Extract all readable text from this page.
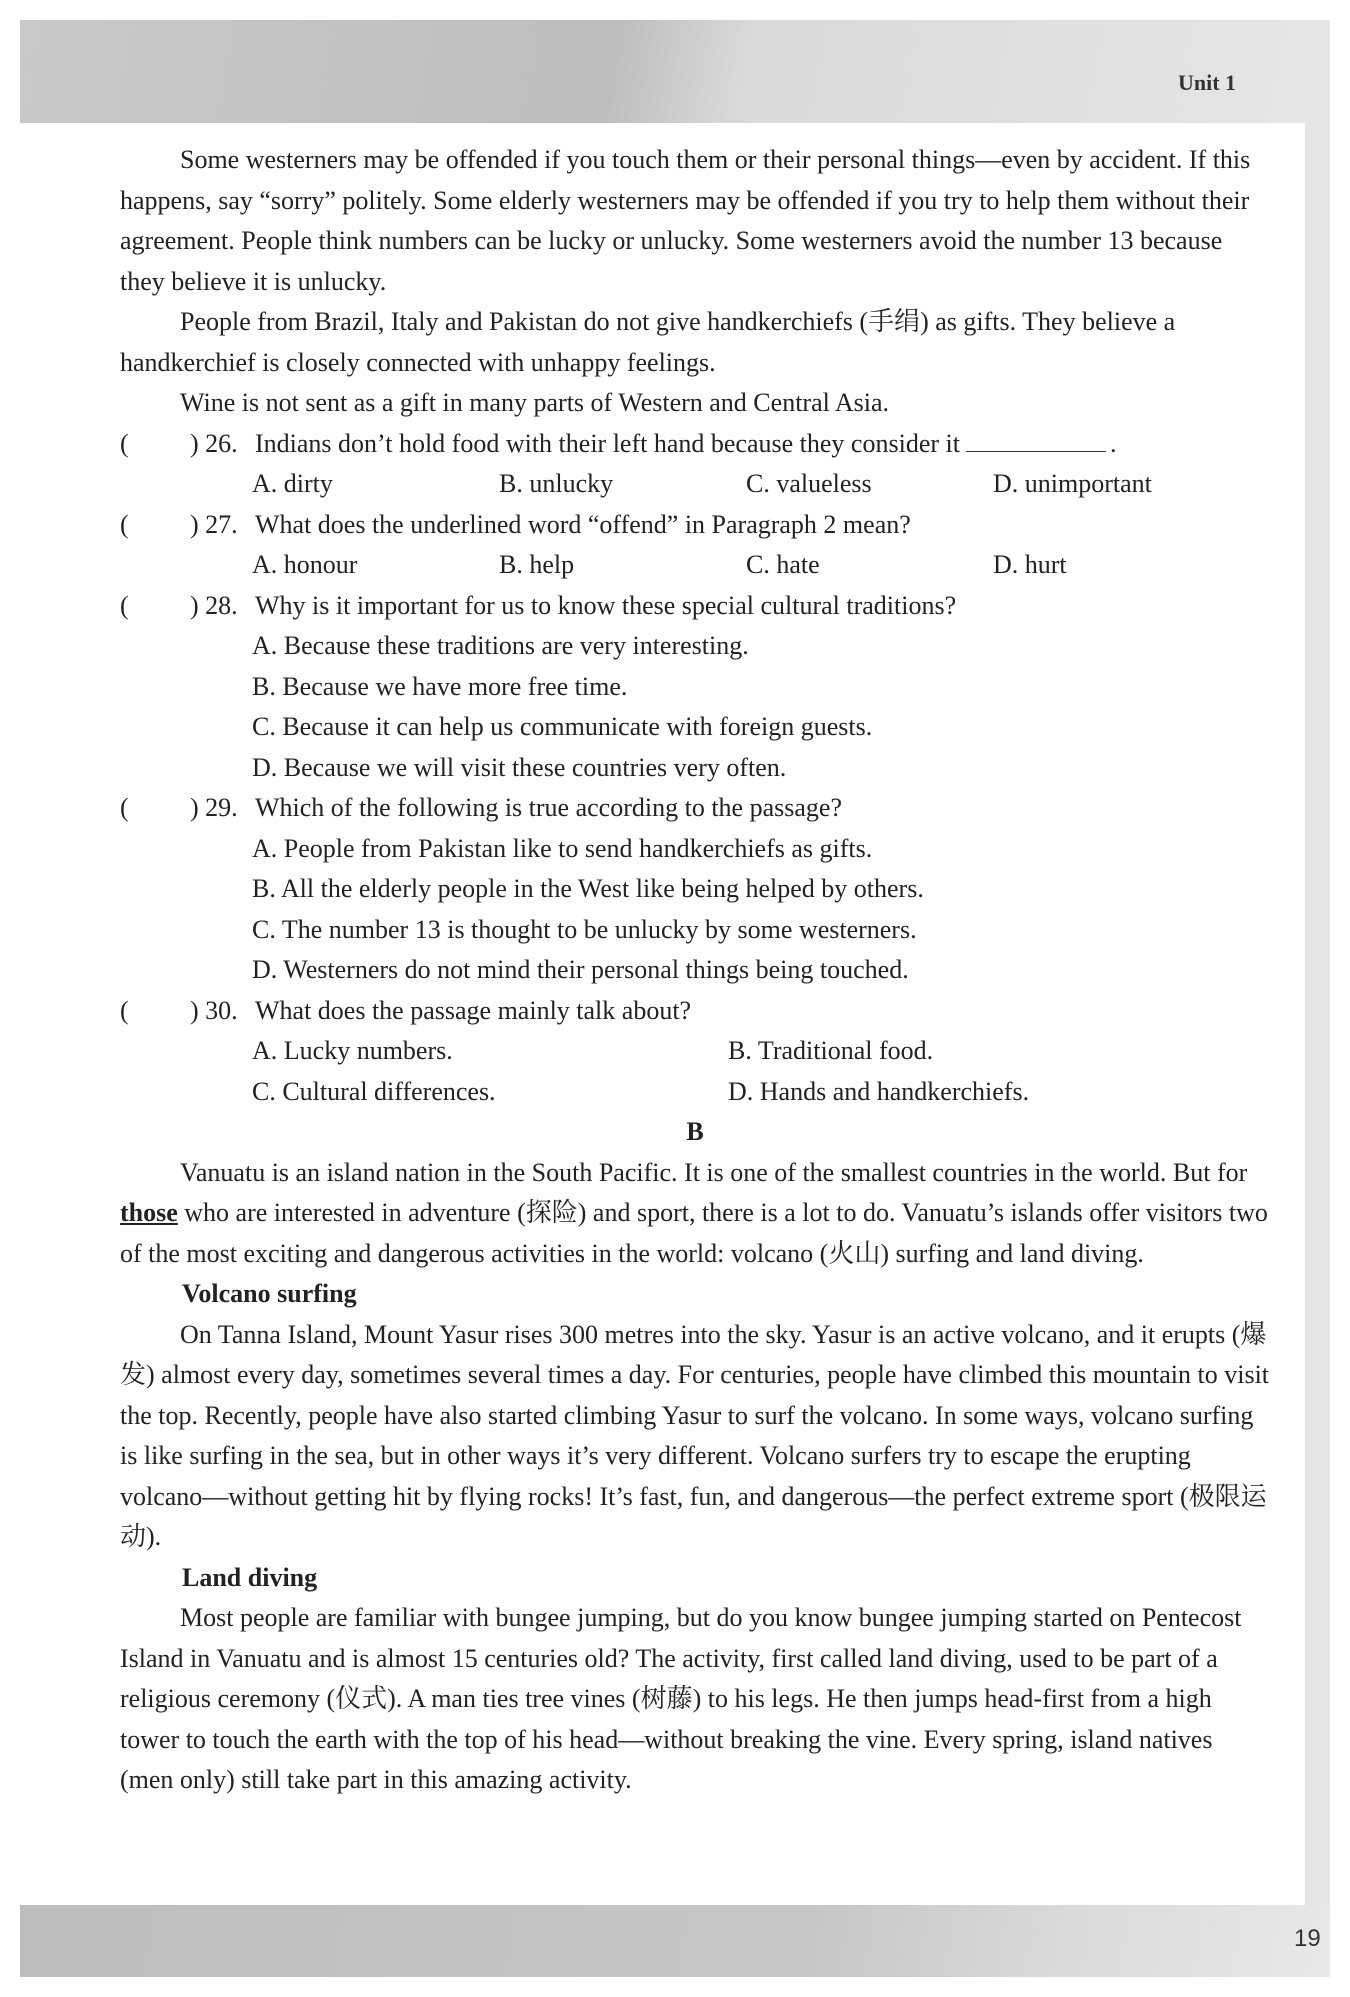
Unit 1
19

Some westerners may be offended if you touch them or their personal things—even by accident. If this happens, say “sorry” politely. Some elderly westerners may be offended if you try to help them without their agreement. People think numbers can be lucky or unlucky. Some westerners avoid the number 13 because they believe it is unlucky.

People from Brazil, Italy and Pakistan do not give handkerchiefs (手绢) as gifts. They believe a handkerchief is closely connected with unhappy feelings.

Wine is not sent as a gift in many parts of Western and Central Asia.

(	) 26. Indians don’t hold food with their left hand because they consider it	.
A. dirty	B. unlucky	C. valueless	D. unimportant
(	) 27. What does the underlined word “offend” in Paragraph 2 mean?
A. honour	B. help	C. hate	D. hurt
(	) 28. Why is it important for us to know these special cultural traditions?
A. Because these traditions are very interesting.
B. Because we have more free time.
C. Because it can help us communicate with foreign guests.
D. Because we will visit these countries very often.
(	) 29. Which of the following is true according to the passage?
A. People from Pakistan like to send handkerchiefs as gifts.
B. All the elderly people in the West like being helped by others.
C. The number 13 is thought to be unlucky by some westerners.
D. Westerners do not mind their personal things being touched.
(	) 30. What does the passage mainly talk about?
A. Lucky numbers.	B. Traditional food.
C. Cultural differences.	D. Hands and handkerchiefs.
B

Vanuatu is an island nation in the South Pacific. It is one of the smallest countries in the world. But for those who are interested in adventure (探险) and sport, there is a lot to do. Vanuatu’s islands offer visitors two of the most exciting and dangerous activities in the world: volcano (火山) surfing and land diving.

Volcano surfing

On Tanna Island, Mount Yasur rises 300 metres into the sky. Yasur is an active volcano, and it erupts (爆发) almost every day, sometimes several times a day. For centuries, people have climbed this mountain to visit the top. Recently, people have also started climbing Yasur to surf the volcano. In some ways, volcano surfing is like surfing in the sea, but in other ways it’s very different. Volcano surfers try to escape the erupting volcano—without getting hit by flying rocks! It’s fast, fun, and dangerous—the perfect extreme sport (极限运动).

Land diving

Most people are familiar with bungee jumping, but do you know bungee jumping started on Pentecost Island in Vanuatu and is almost 15 centuries old? The activity, first called land diving, used to be part of a religious ceremony (仪式). A man ties tree vines (树藤) to his legs. He then jumps head-first from a high tower to touch the earth with the top of his head—without breaking the vine. Every spring, island natives (men only) still take part in this amazing activity.
